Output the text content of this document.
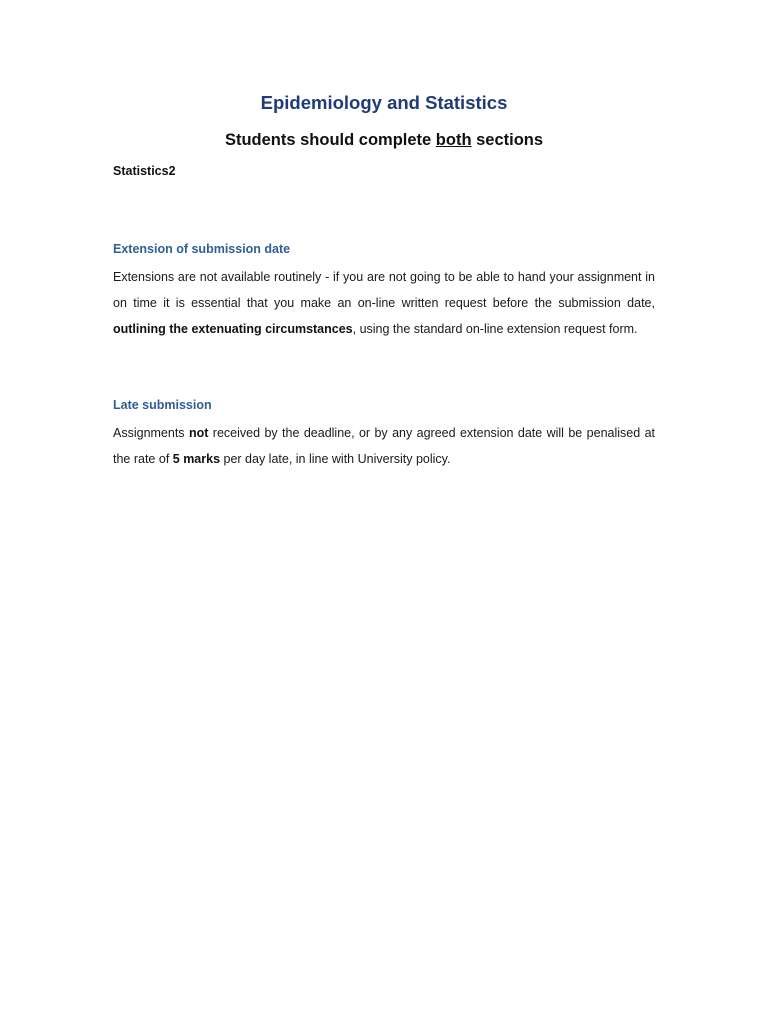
Epidemiology and Statistics
Students should complete both sections

Statistics2

Extension of submission date

Extensions are not available routinely - if you are not going to be able to hand your assignment in on time it is essential that you make an on-line written request before the submission date, outlining the extenuating circumstances, using the standard on-line extension request form.

Late submission

Assignments not received by the deadline, or by any agreed extension date will be penalised at the rate of 5 marks per day late, in line with University policy.
